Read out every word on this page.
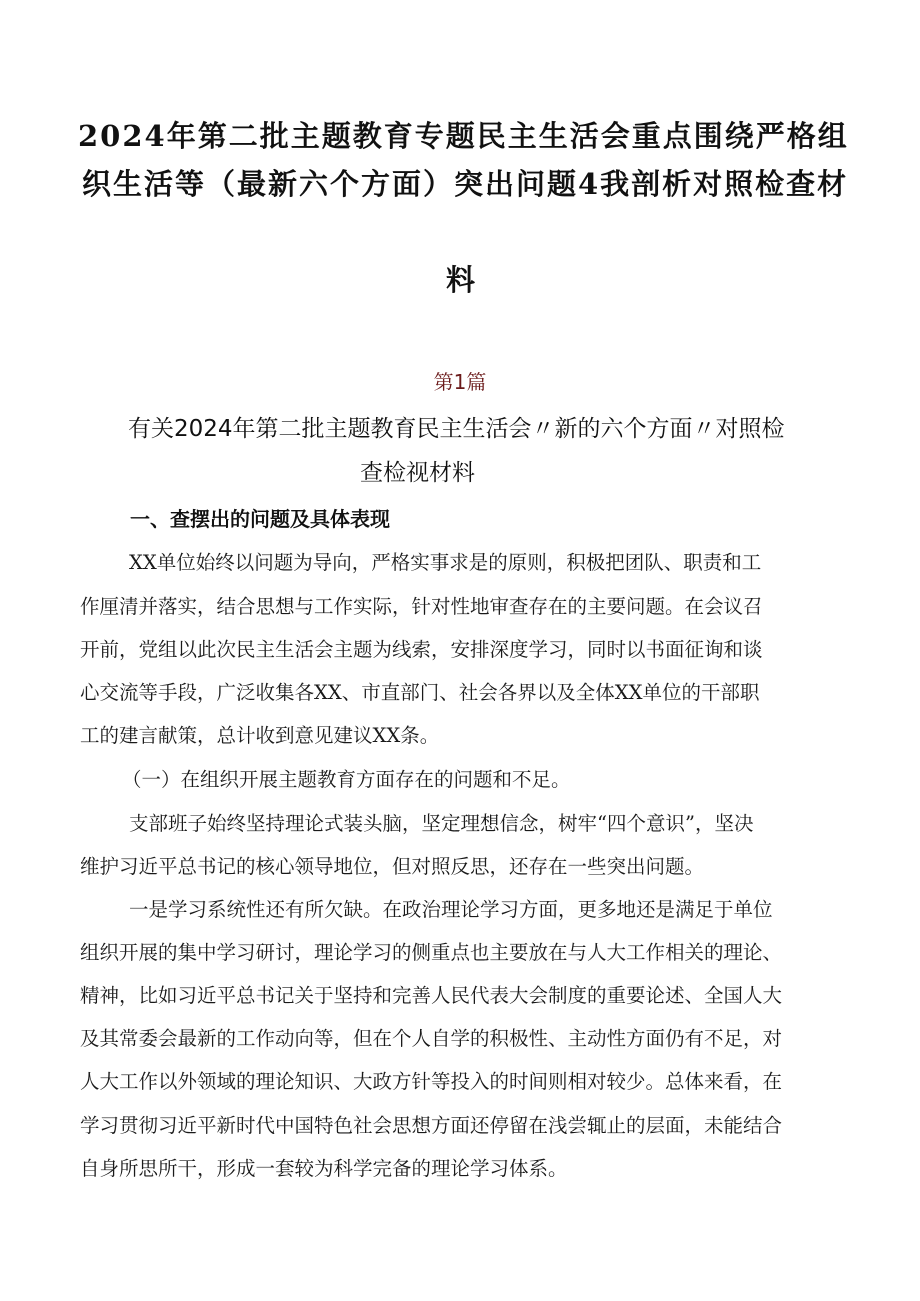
2024年第二批主题教育专题民主生活会重点围绕严格组
织生活等（最新六个方面）突出问题4我剖析对照检查材
料
第1篇
有关2024年第二批主题教育民主生活会〃新的六个方面〃对照检
查检视材料
一、查摆出的问题及具体表现
XX单位始终以问题为导向，严格实事求是的原则，积极把团队、职责和工
作厘清并落实，结合思想与工作实际，针对性地审查存在的主要问题。在会议召
开前，党组以此次民主生活会主题为线索，安排深度学习，同时以书面征询和谈
心交流等手段，广泛收集各XX、市直部门、社会各界以及全体XX单位的干部职
工的建言献策，总计收到意见建议XX条。
（一）在组织开展主题教育方面存在的问题和不足。
支部班子始终坚持理论式装头脑，坚定理想信念，树牢“四个意识”，坚决
维护习近平总书记的核心领导地位，但对照反思，还存在一些突出问题。
一是学习系统性还有所欠缺。在政治理论学习方面，更多地还是满足于单位
组织开展的集中学习研讨，理论学习的侧重点也主要放在与人大工作相关的理论、
精神，比如习近平总书记关于坚持和完善人民代表大会制度的重要论述、全国人大
及其常委会最新的工作动向等，但在个人自学的积极性、主动性方面仍有不足，对
人大工作以外领域的理论知识、大政方针等投入的时间则相对较少。总体来看，在
学习贯彻习近平新时代中国特色社会思想方面还停留在浅尝辄止的层面，未能结合
自身所思所干，形成一套较为科学完备的理论学习体系。
